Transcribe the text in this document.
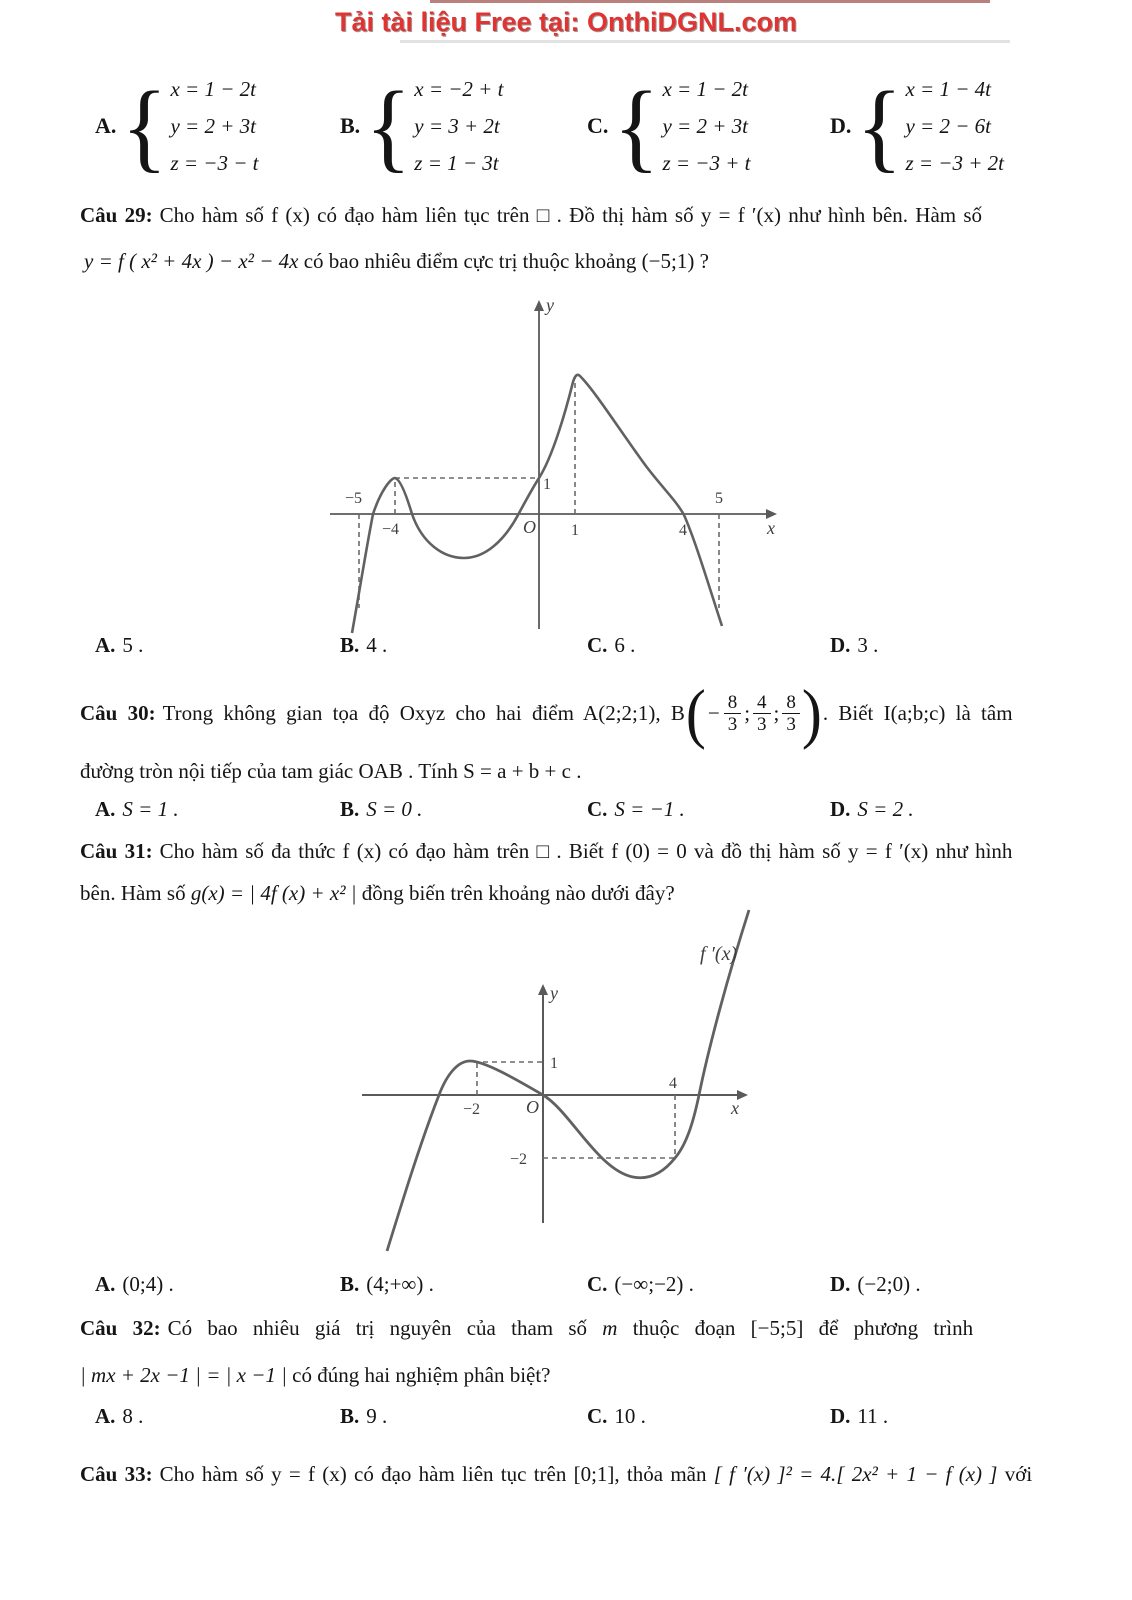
Tải tài liệu Free tại: OnthiDGNL.com
A. { x = 1 − 2t
y = 2 + 3t
z = −3 − t
B. { x = −2 + t
y = 3 + 2t
z = 1 − 3t
C. { x = 1 − 2t
y = 2 + 3t
z = −3 + t
D. { x = 1 − 4t
y = 2 − 6t
z = −3 + 2t
Câu 29: Cho hàm số f (x) có đạo hàm liên tục trên □ . Đồ thị hàm số y = f ′(x) như hình bên. Hàm số
y = f ( x² + 4x ) − x² − 4x có bao nhiêu điểm cực trị thuộc khoảng (−5;1) ?
y
x
O
−5
−4	1	4
5
1
A. 5 .	B. 4 .	C. 6 .	D. 3 .
Câu 30: Trong không gian tọa độ Oxyz cho hai điểm A(2;2;1), B ( − $\frac{8}{3}$ ; $\frac{4}{3}$ ; $\frac{8}{3}$ ) . Biết I(a;b;c) là tâm
đường tròn nội tiếp của tam giác OAB . Tính S = a + b + c .
A. S = 1 .	B. S = 0 .	C. S = −1 .	D. S = 2 .
Câu 31: Cho hàm số đa thức f (x) có đạo hàm trên □ . Biết f (0) = 0 và đồ thị hàm số y = f ′(x) như hình
bên. Hàm số g(x) = | 4f (x) + x² | đồng biến trên khoảng nào dưới đây?
y
x
O
−2
4
1
−2
f ′(x)
A. (0;4) .	B. (4;+∞) .	C. (−∞;−2) .	D. (−2;0) .
Câu 32: Có bao nhiêu giá trị nguyên của tham số m thuộc đoạn [−5;5] để phương trình
| mx + 2x −1 | = | x −1 | có đúng hai nghiệm phân biệt?
A. 8 .	B. 9 .	C. 10 .	D. 11 .
Câu 33: Cho hàm số y = f (x) có đạo hàm liên tục trên [0;1], thỏa mãn [ f ′(x) ]² = 4.[ 2x² + 1 − f (x) ] với
